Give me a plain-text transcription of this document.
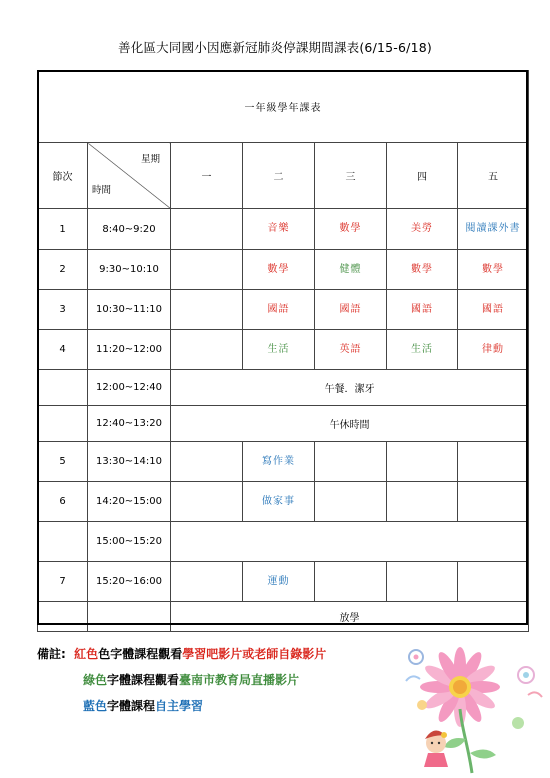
善化區大同國小因應新冠肺炎停課期間課表(6/15-6/18)
一年級學年課表						
節次	星期
時間	一	二	三	四	五
1	8:40~9:20		音樂	數學	美勞	閱讀課外書
2	9:30~10:10		數學	健體	數學	數學
3	10:30~11:10		國語	國語	國語	國語
4	11:20~12:00		生活	英語	生活	律動
	12:00~12:40	午餐．潔牙				
	12:40~13:20	午休時間				
5	13:30~14:10		寫作業			
6	14:20~15:00		做家事			
	15:00~15:20					
7	15:20~16:00		運動			
		放學				
備註: 紅色色字體課程觀看學習吧影片或老師自錄影片
綠色字體課程觀看臺南市教育局直播影片
藍色字體課程自主學習
